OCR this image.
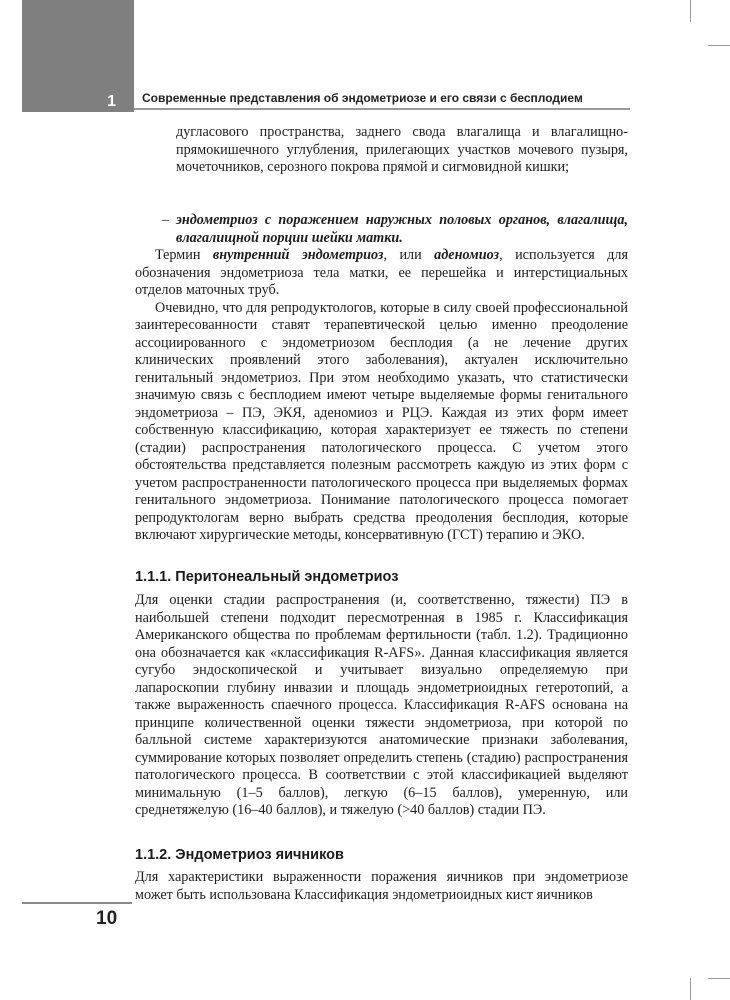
1	Современные представления об эндометриозе и его связи с бесплодием
дугласового пространства, заднего свода влагалища и влагалищно-прямокишечного углубления, прилегающих участков мочевого пузыря, мочеточников, серозного покрова прямой и сигмовидной кишки;
– эндометриоз с поражением наружных половых органов, влагалища, влагалищной порции шейки матки.

Термин внутренний эндометриоз, или аденомиоз, используется для обозначения эндометриоза тела матки, ее перешейка и интерстициальных отделов маточных труб.

Очевидно, что для репродуктологов, которые в силу своей профессиональной заинтересованности ставят терапевтической целью именно преодоление ассоциированного с эндометриозом бесплодия (а не лечение других клинических проявлений этого заболевания), актуален исключительно генитальный эндометриоз. При этом необходимо указать, что статистически значимую связь с бесплодием имеют четыре выделяемые формы генитального эндометриоза – ПЭ, ЭКЯ, аденомиоз и РЦЭ. Каждая из этих форм имеет собственную классификацию, которая характеризует ее тяжесть по степени (стадии) распространения патологического процесса. С учетом этого обстоятельства представляется полезным рассмотреть каждую из этих форм с учетом распространенности патологического процесса при выделяемых формах генитального эндометриоза. Понимание патологического процесса помогает репродуктологам верно выбрать средства преодоления бесплодия, которые включают хирургические методы, консервативную (ГСТ) терапию и ЭКО.

1.1.1. Перитонеальный эндометриоз

Для оценки стадии распространения (и, соответственно, тяжести) ПЭ в наибольшей степени подходит пересмотренная в 1985 г. Классификация Американского общества по проблемам фертильности (табл. 1.2). Традиционно она обозначается как «классификация R-AFS». Данная классификация является сугубо эндоскопической и учитывает визуально определяемую при лапароскопии глубину инвазии и площадь эндометриоидных гетеротопий, а также выраженность спаечного процесса. Классификация R-AFS основана на принципе количественной оценки тяжести эндометриоза, при которой по балльной системе характеризуются анатомические признаки заболевания, суммирование которых позволяет определить степень (стадию) распространения патологического процесса. В соответствии с этой классификацией выделяют минимальную (1–5 баллов), легкую (6–15 баллов), умеренную, или среднетяжелую (16–40 баллов), и тяжелую (>40 баллов) стадии ПЭ.

1.1.2. Эндометриоз яичников

Для характеристики выраженности поражения яичников при эндометриозе может быть использована Классификация эндометриоидных кист яичников

10
